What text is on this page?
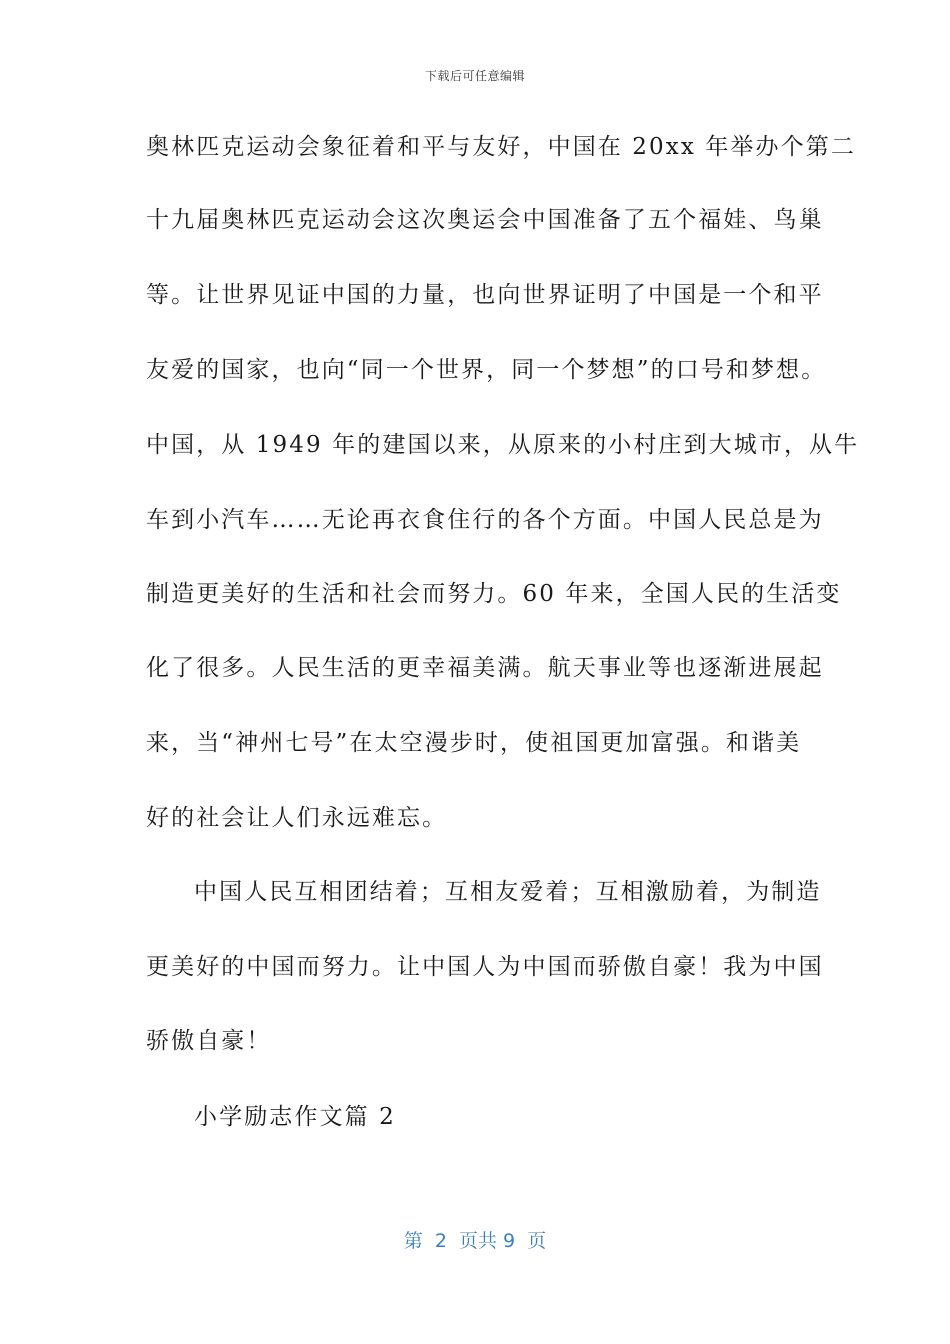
下载后可任意编辑
奥林匹克运动会象征着和平与友好，中国在 20xx 年举办个第二
十九届奥林匹克运动会这次奥运会中国准备了五个福娃、鸟巢
等。让世界见证中国的力量，也向世界证明了中国是一个和平
友爱的国家，也向“同一个世界，同一个梦想”的口号和梦想。
中国，从 1949 年的建国以来，从原来的小村庄到大城市，从牛
车到小汽车……无论再衣食住行的各个方面。中国人民总是为
制造更美好的生活和社会而努力。60 年来，全国人民的生活变
化了很多。人民生活的更幸福美满。航天事业等也逐渐进展起
来，当“神州七号”在太空漫步时，使祖国更加富强。和谐美
好的社会让人们永远难忘。
中国人民互相团结着；互相友爱着；互相激励着，为制造
更美好的中国而努力。让中国人为中国而骄傲自豪！我为中国
骄傲自豪！
小学励志作文篇 2
第  2  页共 9  页
